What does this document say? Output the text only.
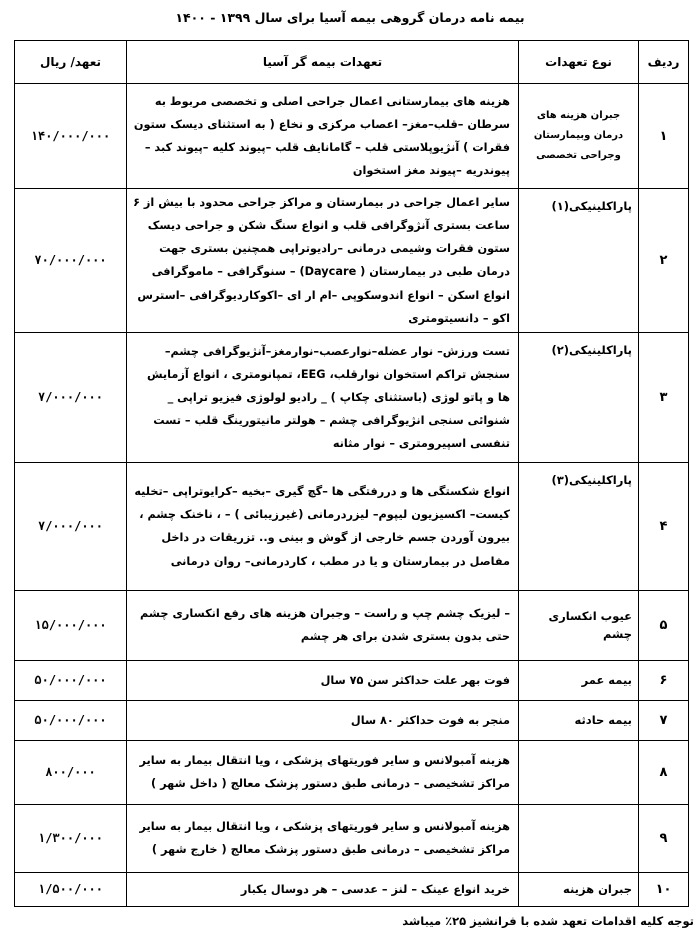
بیمه نامه درمان گروهی بیمه آسیا برای سال ۱۳۹۹ - ۱۴۰۰
ردیف	نوع تعهدات	تعهدات بیمه گر آسیا	تعهد/ ریال
۱	جبران هزینه های درمان وبیمارستان وجراحی تخصصی	هزینه های بیمارستانی اعمال جراحی اصلی و تخصصی مربوط به سرطان –قلب–مغز– اعصاب مرکزی و نخاع ( به استثنای دیسک ستون فقرات ) آنژیوپلاستی قلب – گامانایف قلب –پیوند کلیه –پیوند کبد –پیوندریه –پیوند مغز استخوان	۱۴۰/۰۰۰/۰۰۰
۲	پاراکلینیکی(۱)	سایر اعمال جراحی در بیمارستان و مراکز جراحی محدود با بیش از ۶ ساعت بستری آنژوگرافی قلب و انواع سنگ شکن و جراحی دیسک ستون فقرات وشیمی درمانی –رادیوتراپی همچنین بستری جهت درمان طبی در بیمارستان ( Daycare) – سنوگرافی – ماموگرافی انواع اسکن – انواع اندوسکوپی –ام ار ای –اکوکاردیوگرافی –استرس اکو – دانسیتومتری	۷۰/۰۰۰/۰۰۰
۳	پاراکلینیکی(۲)	تست ورزش– نوار عضله–نوارعصب–نوارمغز–آنژیوگرافی چشم–سنجش تراکم استخوان نوارقلب، EEG، تمپانومتری ، انواع آزمایش ها و پاتو لوژی (باستثنای چکاپ ) _ رادیو لولوژی فیزیو تراپی _ شنوائی سنجی انژیوگرافی چشم – هولتر مانیتورینگ قلب – تست تنفسی اسپیرومتری – نوار مثانه	۷/۰۰۰/۰۰۰
۴	پاراکلینیکی(۳)	انواع شکستگی ها و دررفتگی ها –گچ گیری –بخیه –کرایوتراپی –تخلیه کیست– اکسیزیون لیپوم– لیزردرمانی (غیرزیبائی ) – ، ناخنک چشم ، بیرون آوردن جسم خارجی از گوش و بینی و.. تزریقات در داخل مفاصل در بیمارستان و یا در مطب ، کاردرمانی– روان درمانی	۷/۰۰۰/۰۰۰
۵	عیوب انکساری چشم	– لیزیک چشم چپ و راست – وجبران هزینه های رفع انکساری چشم حتی بدون بستری شدن برای هر چشم	۱۵/۰۰۰/۰۰۰
۶	بیمه عمر	فوت بهر علت حداکثر سن ۷۵ سال	۵۰/۰۰۰/۰۰۰
۷	بیمه حادثه	منجر به فوت حداکثر ۸۰ سال	۵۰/۰۰۰/۰۰۰
۸		هزینه آمبولانس و سایر فوریتهای پزشکی ، ویا انتقال بیمار به سایر مراکز تشخیصی – درمانی طبق دستور پزشک معالج ( داخل شهر )	۸۰۰/۰۰۰
۹		هزینه آمبولانس و سایر فوریتهای پزشکی ، ویا انتقال بیمار به سایر مراکز تشخیصی – درمانی طبق دستور پزشک معالج ( خارج شهر )	۱/۳۰۰/۰۰۰
۱۰	جبران هزینه	خرید انواع عینک – لنز – عدسی – هر دوسال یکبار	۱/۵۰۰/۰۰۰
توجه کلیه اقدامات تعهد شده با فرانشیز ۲۵٪ میباشد
